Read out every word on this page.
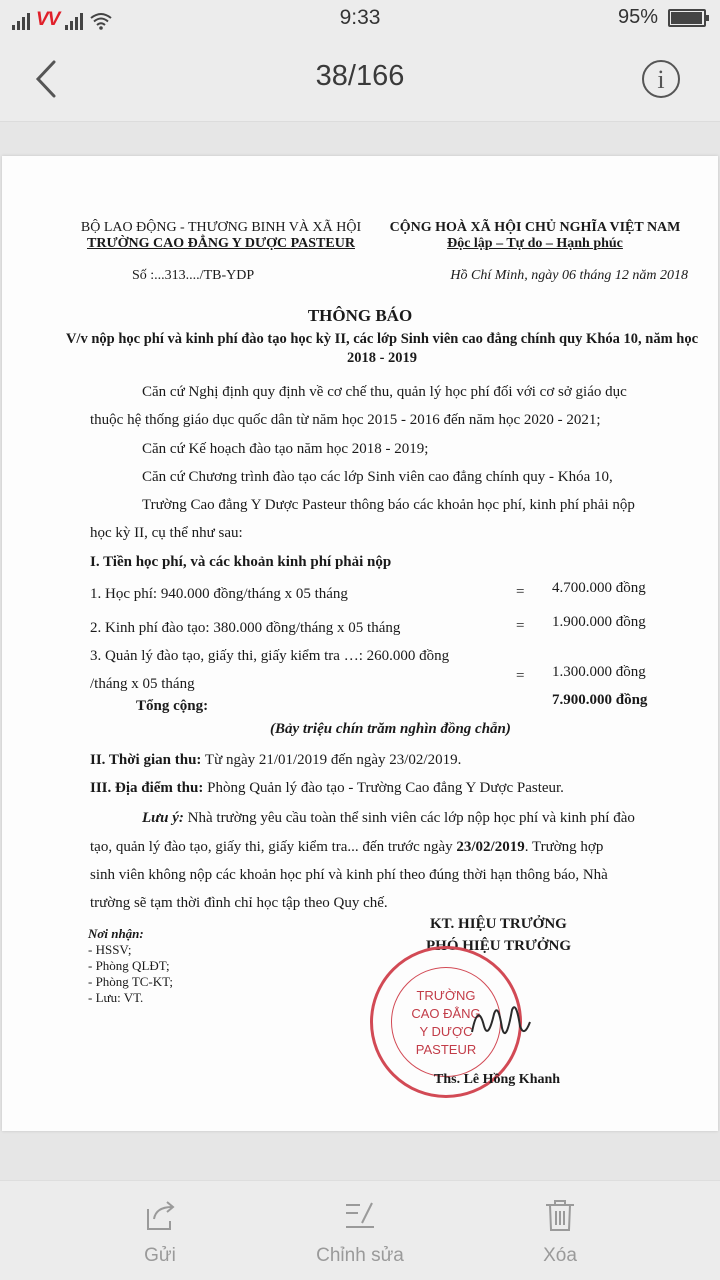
VV	9:33	95%
38/166	i
BỘ LAO ĐỘNG - THƯƠNG BINH VÀ XÃ HỘI
TRƯỜNG CAO ĐẲNG Y DƯỢC PASTEUR
CỘNG HOÀ XÃ HỘI CHỦ NGHĨA VIỆT NAM
Độc lập – Tự do – Hạnh phúc
Số :...313..../TB-YDP	Hồ Chí Minh, ngày 06 tháng 12 năm 2018
THÔNG BÁO
V/v nộp học phí và kinh phí đào tạo học kỳ II, các lớp Sinh viên cao đẳng chính quy Khóa 10, năm học 2018 - 2019
Căn cứ Nghị định quy định về cơ chế thu, quản lý học phí đối với cơ sở giáo dục
thuộc hệ thống giáo dục quốc dân từ năm học 2015 - 2016 đến năm học 2020 - 2021;
Căn cứ Kế hoạch đào tạo năm học 2018 - 2019;
Căn cứ Chương trình đào tạo các lớp Sinh viên cao đẳng chính quy - Khóa 10,
Trường Cao đẳng Y Dược Pasteur thông báo các khoản học phí, kinh phí phải nộp
học kỳ II, cụ thể như sau:
I. Tiền học phí, và các khoản kinh phí phải nộp
1. Học phí: 940.000 đồng/tháng x 05 tháng	= 4.700.000 đồng
2. Kinh phí đào tạo: 380.000 đồng/tháng x 05 tháng	= 1.900.000 đồng
3. Quản lý đào tạo, giấy thi, giấy kiểm tra …: 260.000 đồng
/tháng x 05 tháng	= 1.300.000 đồng
Tổng cộng:	7.900.000 đồng
(Bảy triệu chín trăm nghìn đồng chẵn)
II. Thời gian thu: Từ ngày 21/01/2019 đến ngày 23/02/2019.
III. Địa điểm thu: Phòng Quản lý đào tạo - Trường Cao đẳng Y Dược Pasteur.
Lưu ý: Nhà trường yêu cầu toàn thể sinh viên các lớp nộp học phí và kinh phí đào
tạo, quản lý đào tạo, giấy thi, giấy kiểm tra... đến trước ngày 23/02/2019. Trường hợp
sinh viên không nộp các khoản học phí và kinh phí theo đúng thời hạn thông báo, Nhà
trường sẽ tạm thời đình chỉ học tập theo Quy chế.
Nơi nhận:
- HSSV;
- Phòng QLĐT;
- Phòng TC-KT;
- Lưu: VT.
KT. HIỆU TRƯỞNG
PHÓ HIỆU TRƯỞNG
TRƯỜNG
CAO ĐẲNG
Y DƯỢC
PASTEUR
Ths. Lê Hồng Khanh
Gửi	Chỉnh sửa	Xóa
